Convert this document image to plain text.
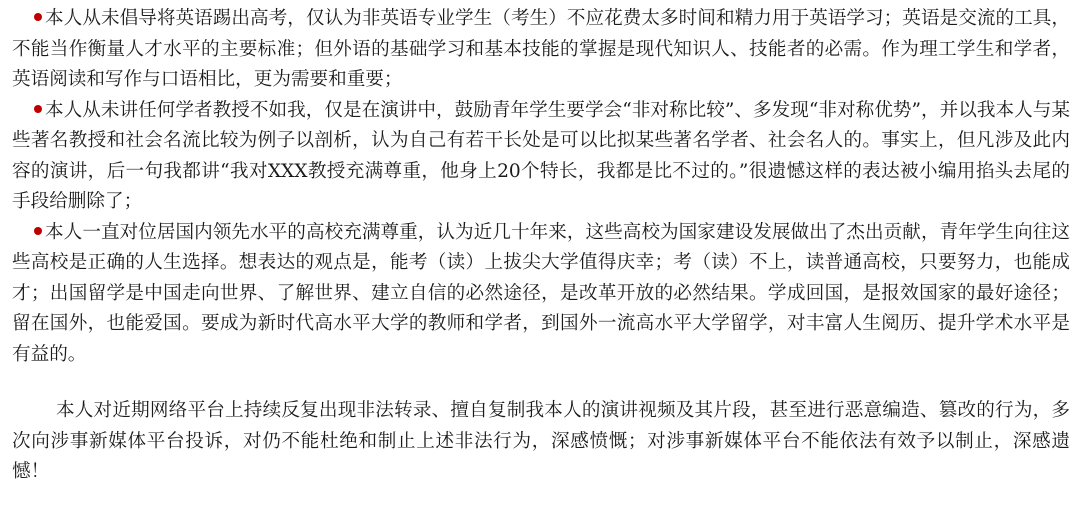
本人从未倡导将英语踢出高考，仅认为非英语专业学生（考生）不应花费太多时间和精力用于英语学习；英语是交流的工具，不能当作衡量人才水平的主要标准；但外语的基础学习和基本技能的掌握是现代知识人、技能者的必需。作为理工学生和学者，英语阅读和写作与口语相比，更为需要和重要；

本人从未讲任何学者教授不如我，仅是在演讲中，鼓励青年学生要学会“非对称比较”、多发现“非对称优势”，并以我本人与某些著名教授和社会名流比较为例子以剖析，认为自己有若干长处是可以比拟某些著名学者、社会名人的。事实上，但凡涉及此内容的演讲，后一句我都讲“我对XXX教授充满尊重，他身上20个特长，我都是比不过的。”很遗憾这样的表达被小编用掐头去尾的手段给删除了；

本人一直对位居国内领先水平的高校充满尊重，认为近几十年来，这些高校为国家建设发展做出了杰出贡献，青年学生向往这些高校是正确的人生选择。想表达的观点是，能考（读）上拔尖大学值得庆幸；考（读）不上，读普通高校，只要努力，也能成才；出国留学是中国走向世界、了解世界、建立自信的必然途径，是改革开放的必然结果。学成回国，是报效国家的最好途径；留在国外，也能爱国。要成为新时代高水平大学的教师和学者，到国外一流高水平大学留学，对丰富人生阅历、提升学术水平是有益的。

本人对近期网络平台上持续反复出现非法转录、擅自复制我本人的演讲视频及其片段，甚至进行恶意编造、篡改的行为，多次向涉事新媒体平台投诉，对仍不能杜绝和制止上述非法行为，深感愤慨；对涉事新媒体平台不能依法有效予以制止，深感遗憾！
